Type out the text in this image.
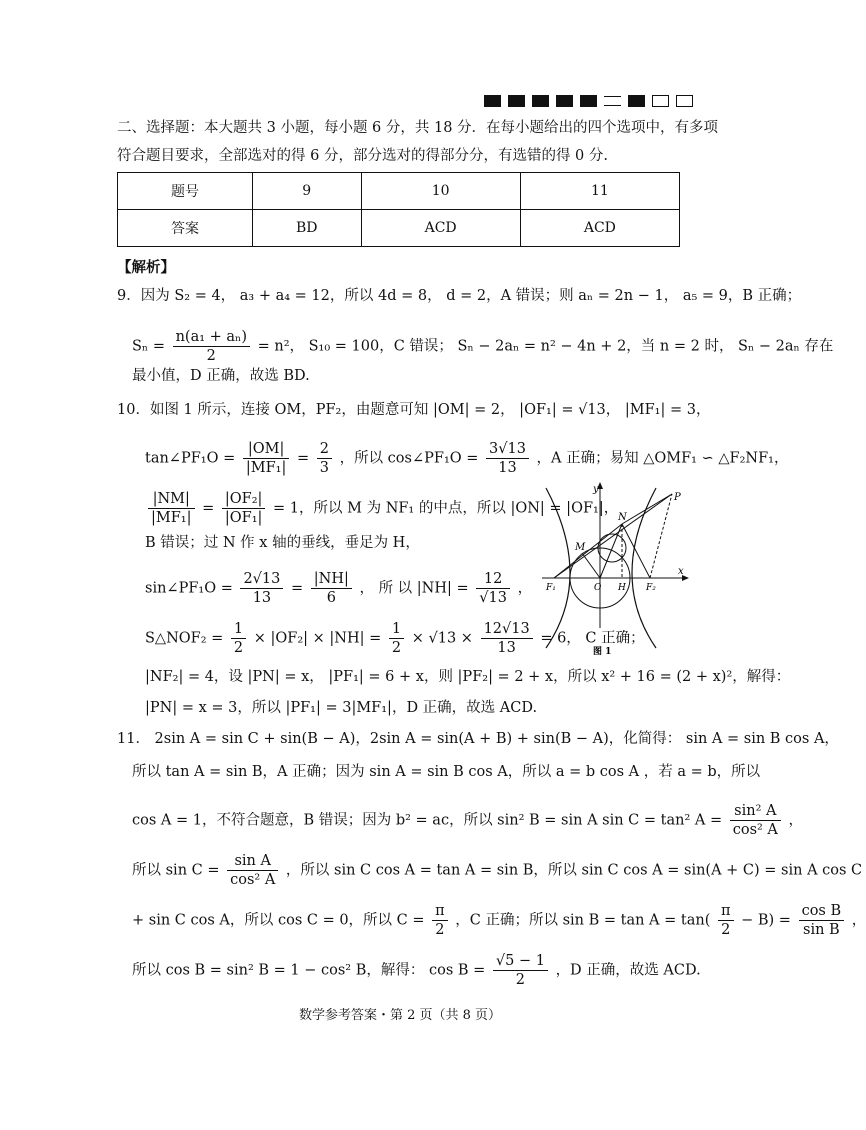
二、选择题：本大题共 3 小题，每小题 6 分，共 18 分．在每小题给出的四个选项中，有多项
符合题目要求，全部选对的得 6 分，部分选对的得部分分，有选错的得 0 分.
题号	9	10	11
答案	BD	ACD	ACD
【解析】
9．因为 S₂ = 4， a₃ + a₄ = 12，所以 4d = 8， d = 2，A 错误；则 aₙ = 2n − 1， a₅ = 9，B 正确；
$S_n = \frac{\text{n(a₁ + aₙ)}}{2} = n^2$， S₁₀ = 100，C 错误； Sₙ − 2aₙ = n² − 4n + 2，当 n = 2 时， Sₙ − 2aₙ 存在
最小值，D 正确，故选 BD.
10．如图 1 所示，连接 OM，PF₂，由题意可知 |OM| = 2， |OF₁| = √13， |MF₁| = 3，
tan∠PF₁O = $\frac{|OM|}{\text{|MF₁|}} = \frac{2}{3}$ ，所以 cos∠PF₁O = $\frac{3√13}{13}$ ，A 正确；易知 △OMF₁ ∽ △F₂NF₁，
$\frac{|NM|}{\text{|MF₁|}} = \frac{\text{|OF₂|}}{\text{|OF₁|}} = 1$，所以 M 为 NF₁ 的中点，所以 |ON| = |OF₁|，
B 错误；过 N 作 x 轴的垂线，垂足为 H，
sin∠PF₁O = $\frac{2√13}{13} = \frac{|NH|}{6}$ ， 所 以 $|NH| = \frac{12}{√13}$ ，
S△NOF₂ = $\frac{1}{2} \times |OF_2| \times |NH| = \frac{1}{2} \times √13 \times \frac{12√13}{13} = 6$， C 正确；
|NF₂| = 4，设 |PN| = x， |PF₁| = 6 + x，则 |PF₂| = 2 + x，所以 x² + 16 = (2 + x)²，解得：
|PN| = x = 3，所以 |PF₁| = 3|MF₁|，D 正确，故选 ACD.
y
x
P
N
M
F₁	O H F₂
图 1
11． 2sin A = sin C + sin(B − A)，2sin A = sin(A + B) + sin(B − A)，化简得： sin A = sin B cos A，
所以 tan A = sin B，A 正确；因为 sin A = sin B cos A，所以 a = b cos A ，若 a = b，所以
cos A = 1，不符合题意，B 错误；因为 b² = ac，所以 sin² B = sin A sin C = tan² $A = \frac{\text{sin² A}}{\text{cos² A}}$ ，
所以 $\sin C = \frac{\text{sin A}}{\text{cos² A}}$ ，所以 sin C cos A = tan A = sin B，所以 sin C cos A = sin(A + C) = sin A cos C
+ sin C cos A，所以 cos C = 0，所以 $C = \frac{\pi}{2}$ ，C 正确；所以 $\sin B = \tan A = \tan( \frac{\pi}{2} - B) = \frac{\text{cos B}}{\text{sin B}}$ ，
所以 cos B = sin² B = 1 − cos² B，解得： $\cos B = \frac{√5 - 1}{2}$ ，D 正确，故选 ACD.
数学参考答案・第 2 页（共 8 页）
